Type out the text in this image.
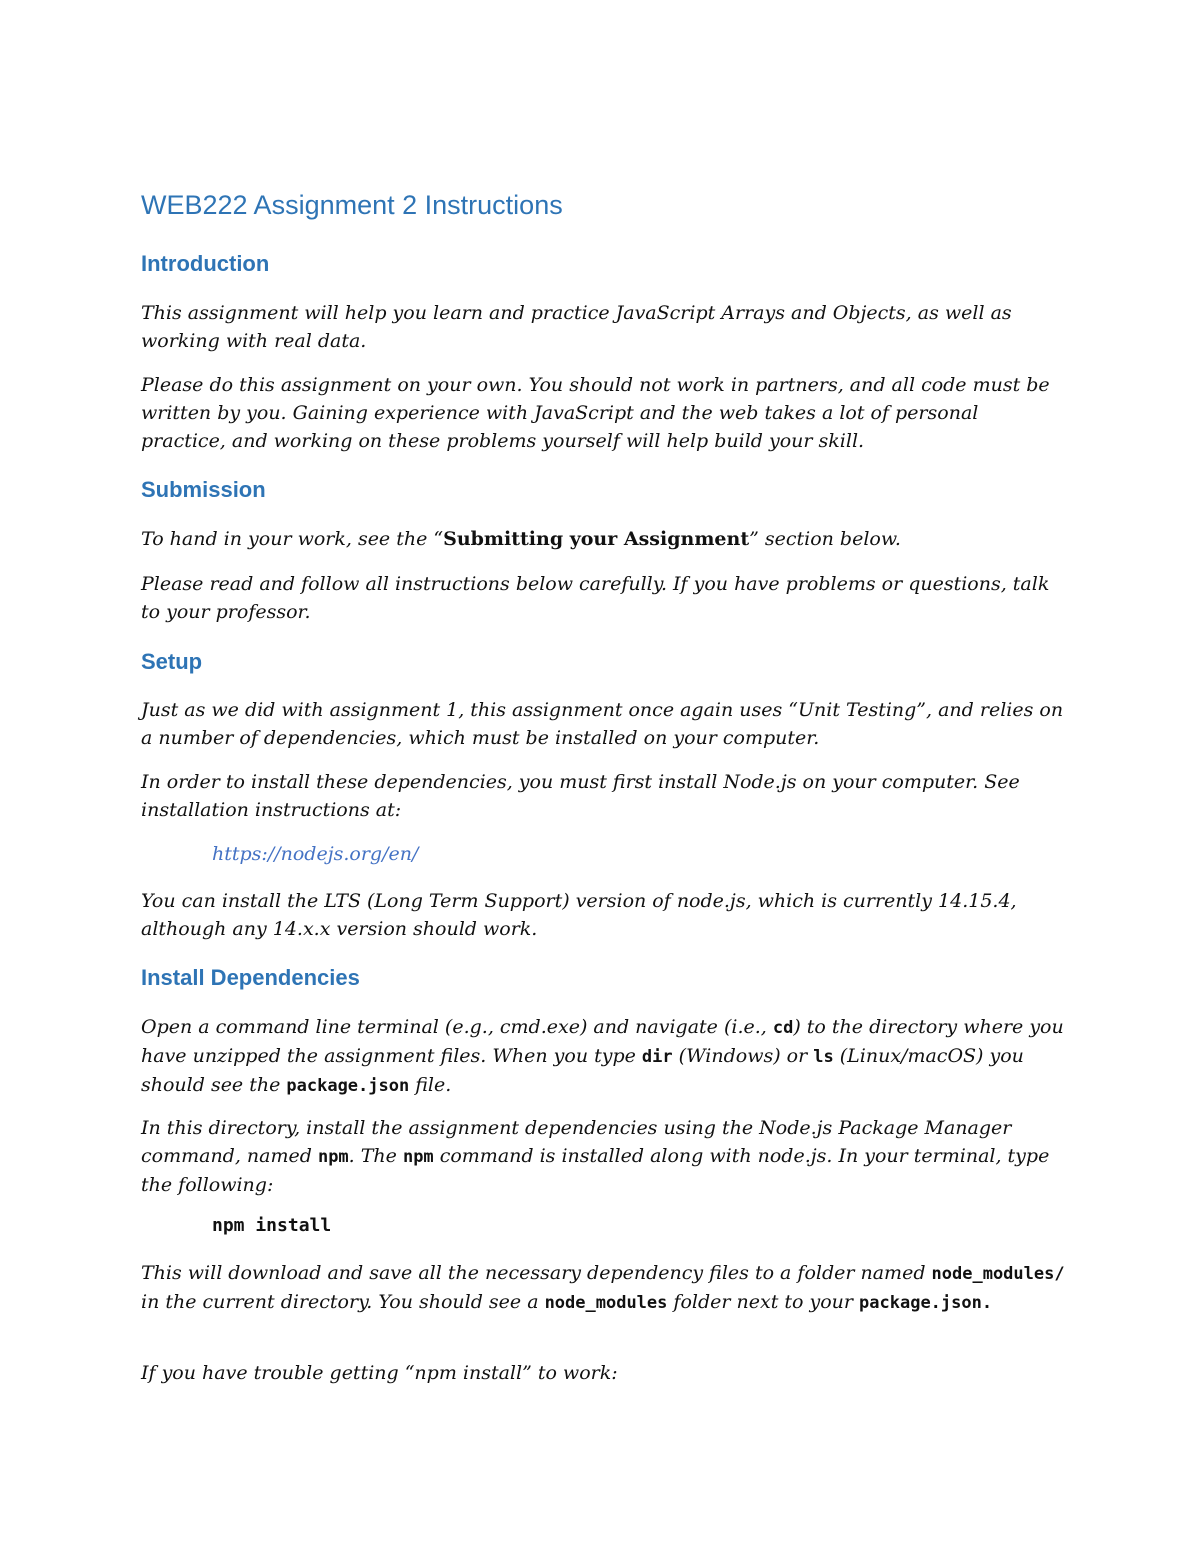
WEB222 Assignment 2 Instructions
Introduction

This assignment will help you learn and practice JavaScript Arrays and Objects, as well as working with real data.

Please do this assignment on your own. You should not work in partners, and all code must be written by you. Gaining experience with JavaScript and the web takes a lot of personal practice, and working on these problems yourself will help build your skill.

Submission

To hand in your work, see the “Submitting your Assignment” section below.

Please read and follow all instructions below carefully. If you have problems or questions, talk to your professor.

Setup

Just as we did with assignment 1, this assignment once again uses “Unit Testing”, and relies on a number of dependencies, which must be installed on your computer.

In order to install these dependencies, you must first install Node.js on your computer. See installation instructions at:

https://nodejs.org/en/

You can install the LTS (Long Term Support) version of node.js, which is currently 14.15.4, although any 14.x.x version should work.

Install Dependencies

Open a command line terminal (e.g., cmd.exe) and navigate (i.e., cd) to the directory where you have unzipped the assignment files. When you type dir (Windows) or ls (Linux/macOS) you should see the package.json file.

In this directory, install the assignment dependencies using the Node.js Package Manager command, named npm. The npm command is installed along with node.js. In your terminal, type the following:

npm install

This will download and save all the necessary dependency files to a folder named node_modules/ in the current directory. You should see a node_modules folder next to your package.json.

If you have trouble getting “npm install” to work:
